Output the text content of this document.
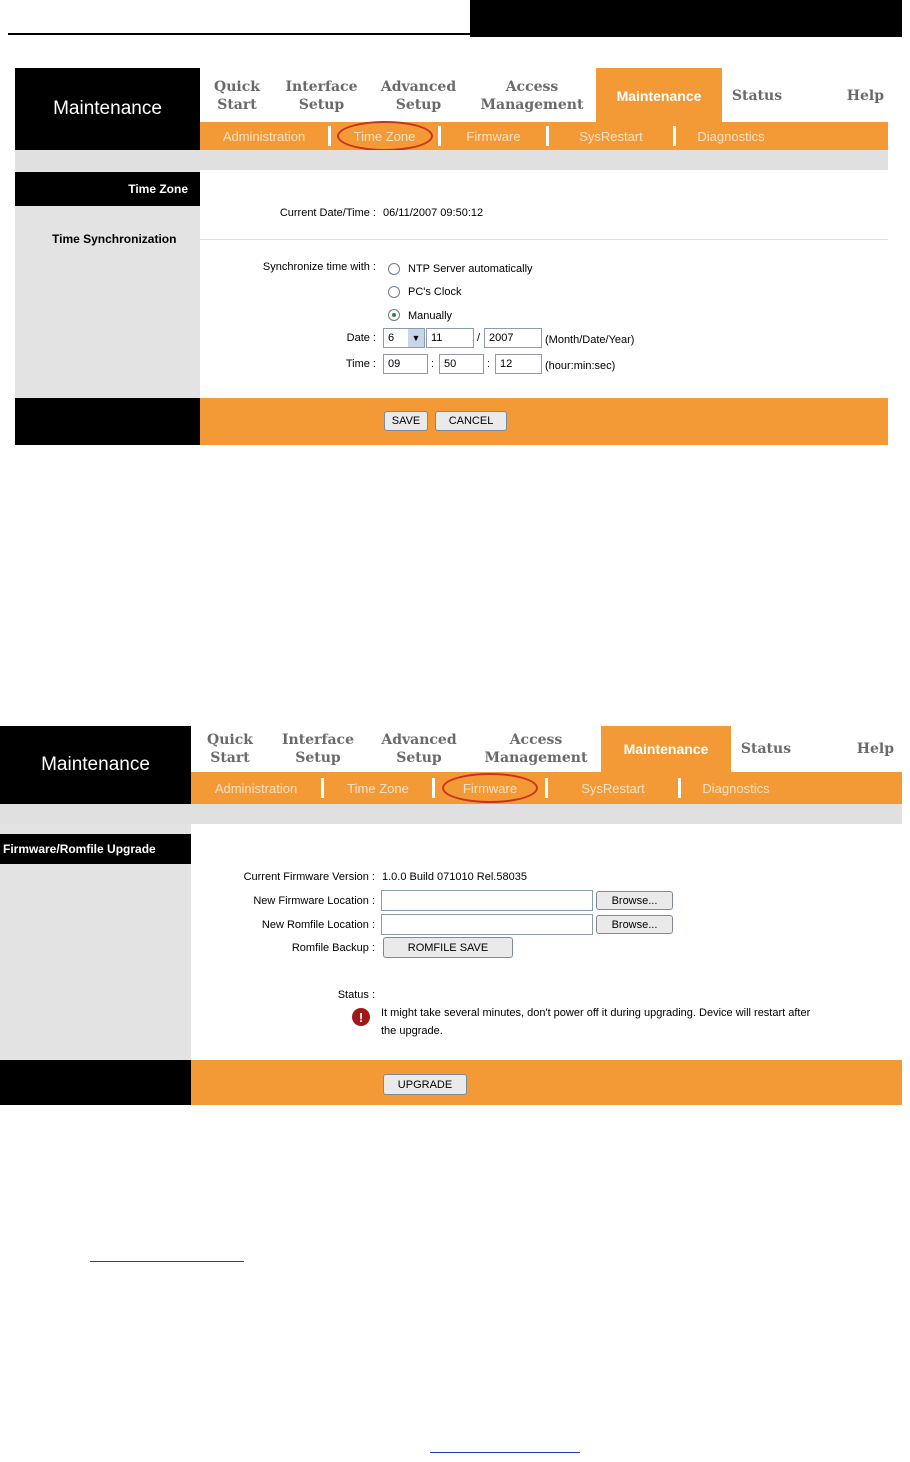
Maintenance
Quick
Start
Interface
Setup
Advanced
Setup
Access
Management
Maintenance Status	Help
Administration	Time Zone	Firmware	SysRestart	Diagnostics
Time Zone
Time Synchronization
Current Date/Time : 06/11/2007 09:50:12
Synchronize time with :	NTP Server automatically
PC's Clock
Manually
Date : 6	▼ 11	/ 2007	(Month/Date/Year)
Time :	09	: 50	: 12	(hour:min:sec)
SAVE	CANCEL
Maintenance
Quick
Start
Interface
Setup
Advanced
Setup
Access
Management
Maintenance Status	Help
Administration	Time Zone	Firmware	SysRestart	Diagnostics
Firmware/Romfile Upgrade
Current Firmware Version : 1.0.0 Build 071010 Rel.58035
New Firmware Location :	Browse...
New Romfile Location :	Browse...
Romfile Backup :	ROMFILE SAVE
Status :
!	It might take several minutes, don't power off it during upgrading. Device will restart after
the upgrade.
UPGRADE
